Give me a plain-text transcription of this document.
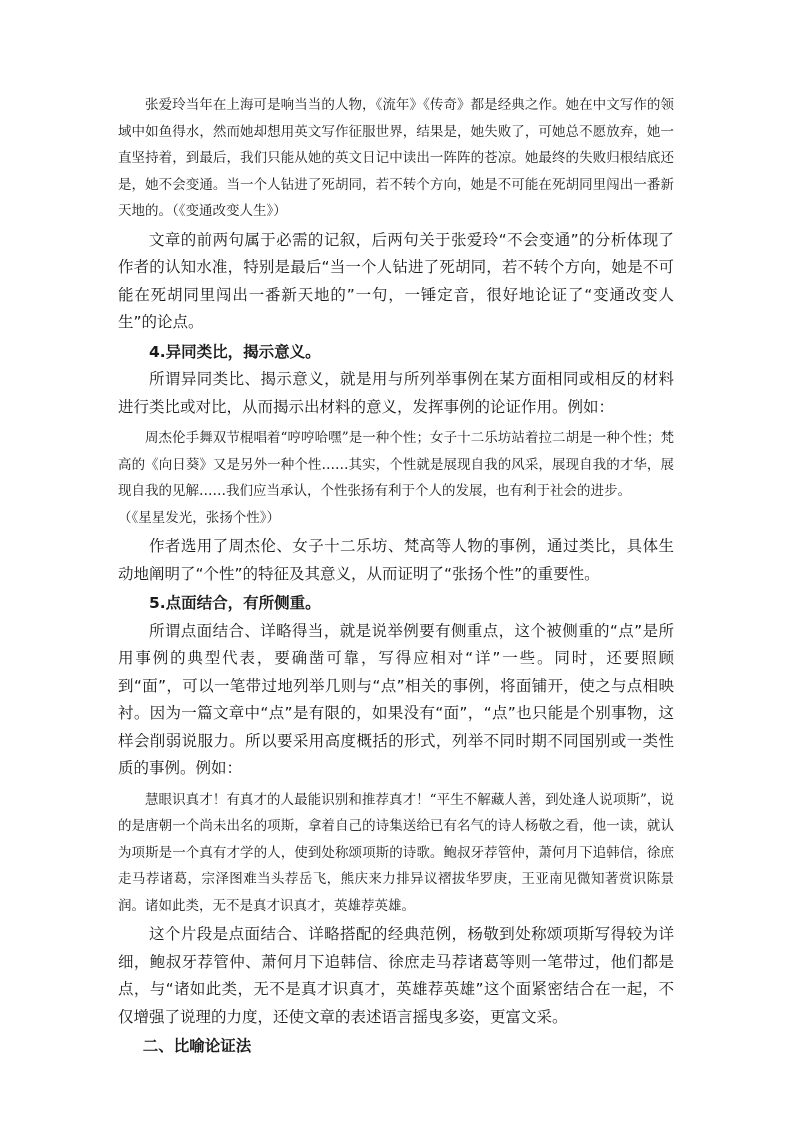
张爱玲当年在上海可是响当当的人物，《流年》《传奇》都是经典之作。她在中文写作的领域中如鱼得水，然而她却想用英文写作征服世界，结果是，她失败了，可她总不愿放弃，她一直坚持着，到最后，我们只能从她的英文日记中读出一阵阵的苍凉。她最终的失败归根结底还是，她不会变通。当一个人钻进了死胡同，若不转个方向，她是不可能在死胡同里闯出一番新天地的。（《变通改变人生》）

文章的前两句属于必需的记叙，后两句关于张爱玲“不会变通”的分析体现了作者的认知水准，特别是最后“当一个人钻进了死胡同，若不转个方向，她是不可能在死胡同里闯出一番新天地的”一句，一锤定音，很好地论证了“变通改变人生”的论点。

4.异同类比，揭示意义。

所谓异同类比、揭示意义，就是用与所列举事例在某方面相同或相反的材料进行类比或对比，从而揭示出材料的意义，发挥事例的论证作用。例如：

周杰伦手舞双节棍唱着“哼哼哈嘿”是一种个性；女子十二乐坊站着拉二胡是一种个性；梵高的《向日葵》又是另外一种个性……其实，个性就是展现自我的风采，展现自我的才华，展现自我的见解……我们应当承认，个性张扬有利于个人的发展，也有利于社会的进步。

（《星星发光，张扬个性》）

作者选用了周杰伦、女子十二乐坊、梵高等人物的事例，通过类比，具体生动地阐明了“个性”的特征及其意义，从而证明了“张扬个性”的重要性。

5.点面结合，有所侧重。

所谓点面结合、详略得当，就是说举例要有侧重点，这个被侧重的“点”是所用事例的典型代表，要确凿可靠，写得应相对“详”一些。同时，还要照顾到“面”，可以一笔带过地列举几则与“点”相关的事例，将面铺开，使之与点相映衬。因为一篇文章中“点”是有限的，如果没有“面”，“点”也只能是个别事物，这样会削弱说服力。所以要采用高度概括的形式，列举不同时期不同国别或一类性质的事例。例如：

慧眼识真才！有真才的人最能识别和推荐真才！“平生不解藏人善，到处逢人说项斯”，说的是唐朝一个尚未出名的项斯，拿着自己的诗集送给已有名气的诗人杨敬之看，他一读，就认为项斯是一个真有才学的人，使到处称颂项斯的诗歌。鲍叔牙荐管仲，萧何月下追韩信，徐庶走马荐诸葛，宗泽图难当头荐岳飞，熊庆来力排异议褶拔华罗庚，王亚南见微知著赏识陈景润。诸如此类，无不是真才识真才，英雄荐英雄。

这个片段是点面结合、详略搭配的经典范例，杨敬到处称颂项斯写得较为详细，鲍叔牙荐管仲、萧何月下追韩信、徐庶走马荐诸葛等则一笔带过，他们都是点，与“诸如此类，无不是真才识真才，英雄荐英雄”这个面紧密结合在一起，不仅增强了说理的力度，还使文章的表述语言摇曳多姿，更富文采。

二、比喻论证法
